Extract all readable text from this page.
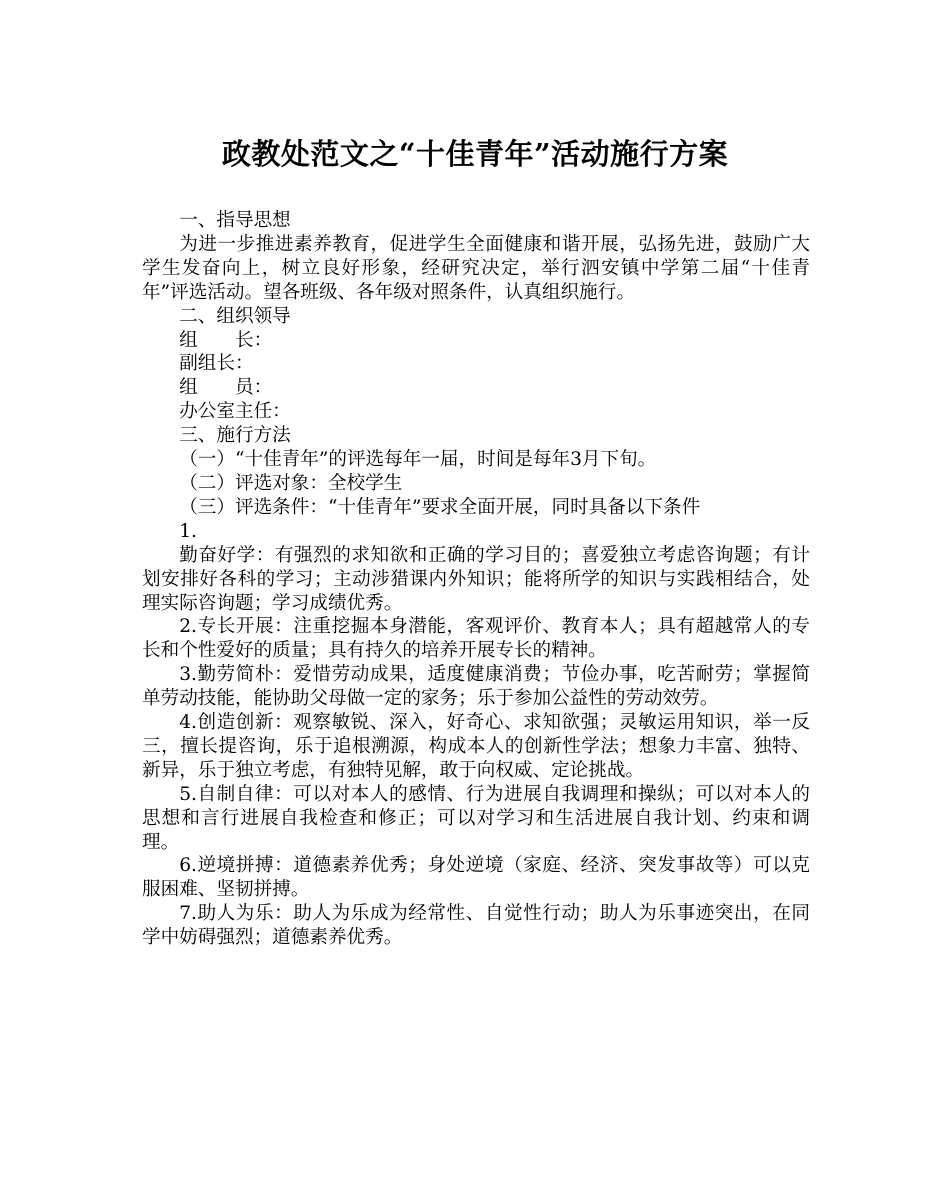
政教处范文之“十佳青年”活动施行方案

一、指导思想

为进一步推进素养教育，促进学生全面健康和谐开展，弘扬先进，鼓励广大学生发奋向上，树立良好形象，经研究决定，举行泗安镇中学第二届“十佳青年”评选活动。望各班级、各年级对照条件，认真组织施行。

二、组织领导

组　　长：

副组长：

组　　员：

办公室主任：

三、施行方法

（一）“十佳青年”的评选每年一届，时间是每年3月下旬。

（二）评选对象：全校学生

（三）评选条件：“十佳青年”要求全面开展，同时具备以下条件

1.

勤奋好学：有强烈的求知欲和正确的学习目的；喜爱独立考虑咨询题；有计划安排好各科的学习；主动涉猎课内外知识；能将所学的知识与实践相结合，处理实际咨询题；学习成绩优秀。

2.专长开展：注重挖掘本身潜能，客观评价、教育本人；具有超越常人的专长和个性爱好的质量；具有持久的培养开展专长的精神。

3.勤劳简朴：爱惜劳动成果，适度健康消费；节俭办事，吃苦耐劳；掌握简单劳动技能，能协助父母做一定的家务；乐于参加公益性的劳动效劳。

4.创造创新：观察敏锐、深入，好奇心、求知欲强；灵敏运用知识，举一反三，擅长提咨询，乐于追根溯源，构成本人的创新性学法；想象力丰富、独特、新异，乐于独立考虑，有独特见解，敢于向权威、定论挑战。

5.自制自律：可以对本人的感情、行为进展自我调理和操纵；可以对本人的思想和言行进展自我检查和修正；可以对学习和生活进展自我计划、约束和调理。

6.逆境拼搏：道德素养优秀；身处逆境（家庭、经济、突发事故等）可以克服困难、坚韧拼搏。

7.助人为乐：助人为乐成为经常性、自觉性行动；助人为乐事迹突出，在同学中妨碍强烈；道德素养优秀。
